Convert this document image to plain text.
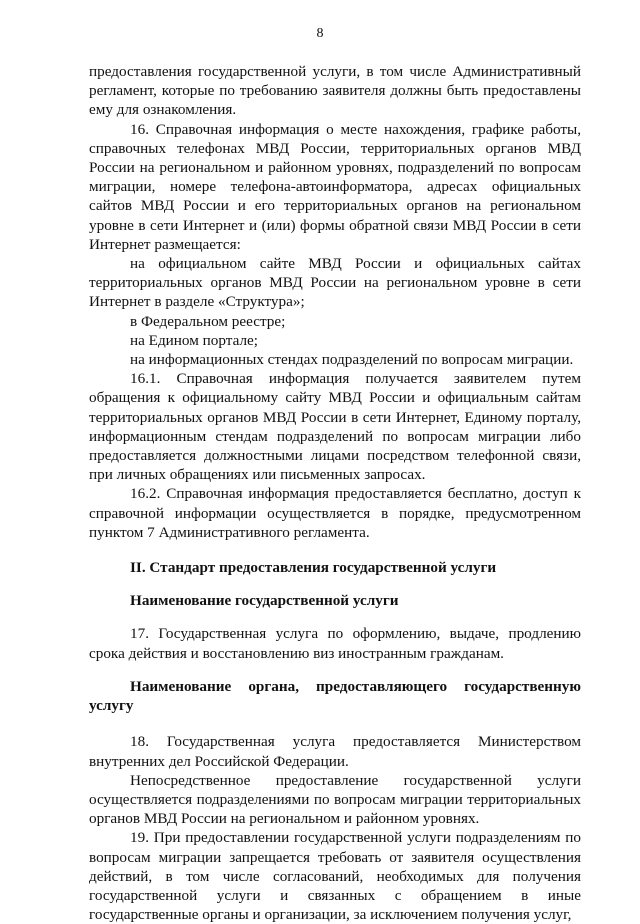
8

предоставления государственной услуги, в том числе Административный регламент, которые по требованию заявителя должны быть предоставлены ему для ознакомления.

16. Справочная информация о месте нахождения, графике работы, справочных телефонах МВД России, территориальных органов МВД России на региональном и районном уровнях, подразделений по вопросам миграции, номере телефона-автоинформатора, адресах официальных сайтов МВД России и его территориальных органов на региональном уровне в сети Интернет и (или) формы обратной связи МВД России в сети Интернет размещается:

на официальном сайте МВД России и официальных сайтах территориальных органов МВД России на региональном уровне в сети Интернет в разделе «Структура»;

в Федеральном реестре;

на Едином портале;

на информационных стендах подразделений по вопросам миграции.

16.1. Справочная информация получается заявителем путем обращения к официальному сайту МВД России и официальным сайтам территориальных органов МВД России в сети Интернет, Единому порталу, информационным стендам подразделений по вопросам миграции либо предоставляется должностными лицами посредством телефонной связи, при личных обращениях или письменных запросах.

16.2. Справочная информация предоставляется бесплатно, доступ к справочной информации осуществляется в порядке, предусмотренном пунктом 7 Административного регламента.

II. Стандарт предоставления государственной услуги

Наименование государственной услуги

17. Государственная услуга по оформлению, выдаче, продлению срока действия и восстановлению виз иностранным гражданам.

Наименование органа, предоставляющего государственную услугу

18. Государственная услуга предоставляется Министерством внутренних дел Российской Федерации.

Непосредственное предоставление государственной услуги осуществляется подразделениями по вопросам миграции территориальных органов МВД России на региональном и районном уровнях.

19. При предоставлении государственной услуги подразделениям по вопросам миграции запрещается требовать от заявителя осуществления действий, в том числе согласований, необходимых для получения государственной услуги и связанных с обращением в иные государственные органы и организации, за исключением получения услуг,
